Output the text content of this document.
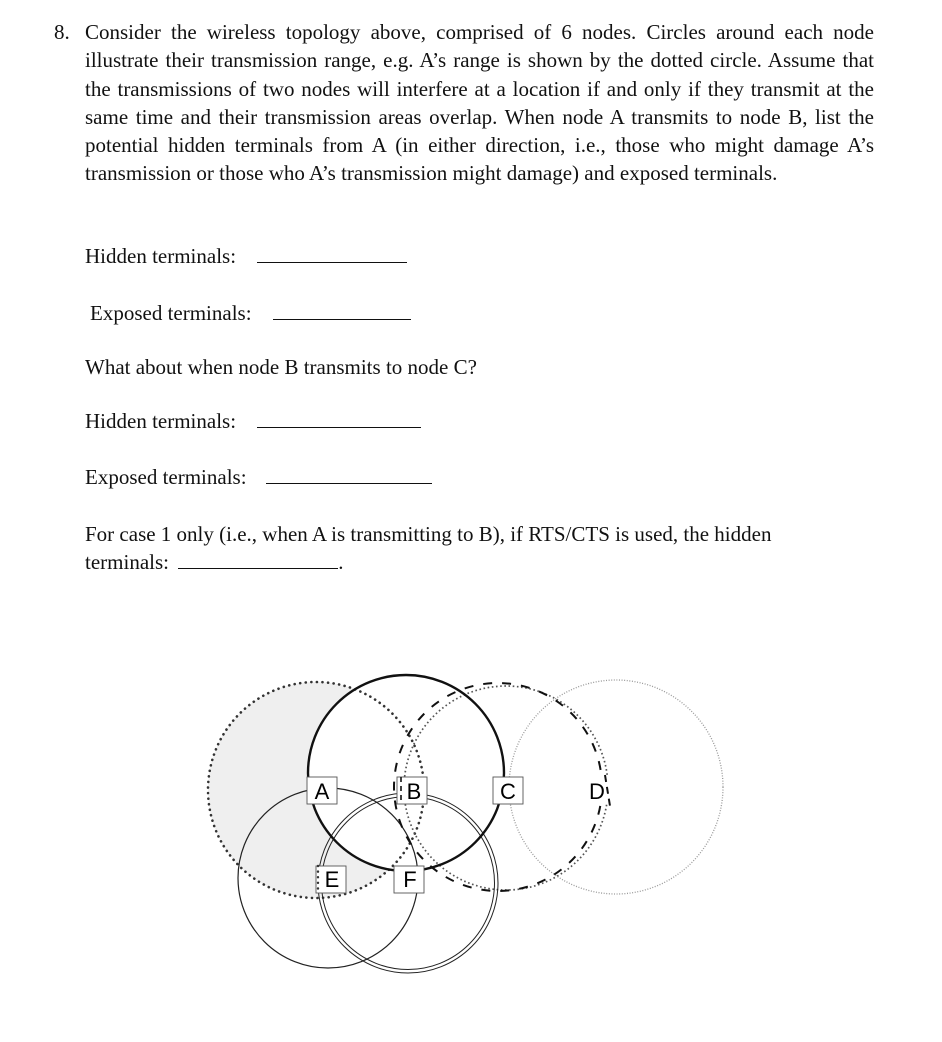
8. Consider the wireless topology above, comprised of 6 nodes. Circles around each node illustrate their transmission range, e.g. A’s range is shown by the dotted circle. Assume that the transmissions of two nodes will interfere at a location if and only if they transmit at the same time and their transmission areas overlap. When node A transmits to node B, list the potential hidden terminals from A (in either direction, i.e., those who might damage A’s transmission or those who A’s transmission might damage) and exposed terminals.
Hidden terminals:
Exposed terminals:
What about when node B transmits to node C?
Hidden terminals:
Exposed terminals:
For case 1 only (i.e., when A is transmitting to B), if RTS/CTS is used, the hidden terminals:	.
A	B	C	D
E	F
